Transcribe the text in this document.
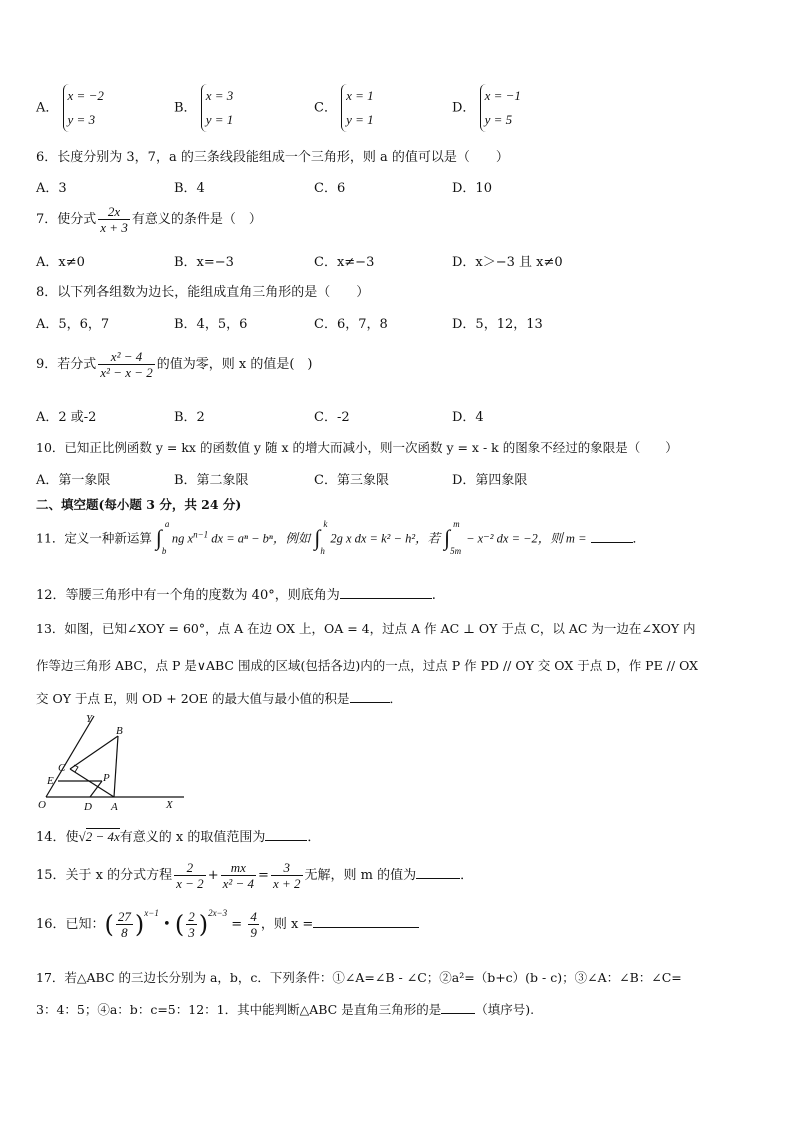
A． x = −2
y = 3
B． x = 3
y = 1
C． x = 1
y = 1
D． x = −1
y = 5
6．长度分别为 3，7，a 的三条线段能组成一个三角形，则 a 的值可以是（　　）
A．3	B．4	C．6	D．10
7．使分式 $\frac{2x}{x + 3}$ 有意义的条件是（　）
A．x≠0	B．x=−3	C．x≠−3	D．x＞−3 且 x≠0
8．以下列各组数为边长，能组成直角三角形的是（　　）
A．5，6，7	B．4，5，6	C．6，7，8	D．5，12，13
9．若分式 $\frac{\text{x² − 4}}{\text{x² − x − 2}}$ 的值为零，则 x 的值是(　)
A．2 或-2	B．2	C．-2	D．4
10．已知正比例函数 y = kx 的函数值 y 随 x 的增大而减小，则一次函数 y = x - k 的图象不经过的象限是（　　）
A．第一象限	B．第二象限	C．第三象限	D．第四象限
二、填空题(每小题 3 分，共 24 分)
11．定义一种新运算 ∫
a
b
ng $x^{n-1}$ dx = aⁿ − bⁿ，例如 ∫
k
h
2g x dx = k² − h²，若 ∫
m
5m
− x⁻² dx = −2，则 m =	．
12．等腰三角形中有一个角的度数为 40°，则底角为	.
13．如图，已知∠XOY = 60°，点 A 在边 OX 上，OA = 4，过点 A 作 AC ⊥ OY 于点 C，以 AC 为一边在∠XOY 内
作等边三角形 ABC，点 P 是∨ABC 围成的区域(包括各边)内的一点，过点 P 作 PD // OY 交 OX 于点 D，作 PE // OX
交 OY 于点 E，则 OD + 2OE 的最大值与最小值的积是	．
Y
B
C
E	P
O	D A	X
14．使√2 − 4x有意义的 x 的取值范围为	．
15．关于 x 的分式方程 $\frac{2}{x - 2} + \frac{mx}{\text{x² − 4}} = \frac{3}{x + 2}$ 无解，则 m 的值为	．
16．已知：( $\frac{27}{8} )^{x-1}$ • ( $\frac{2}{3} )^{2x-3} = \frac{4}{9}$ ，则 x =
17．若△ABC 的三边长分别为 a，b，c．下列条件：①∠A=∠B - ∠C；②a²=（b+c）(b - c)；③∠A：∠B：∠C=
3：4：5；④a：b：c=5：12：1．其中能判断△ABC 是直角三角形的是	（填序号).
